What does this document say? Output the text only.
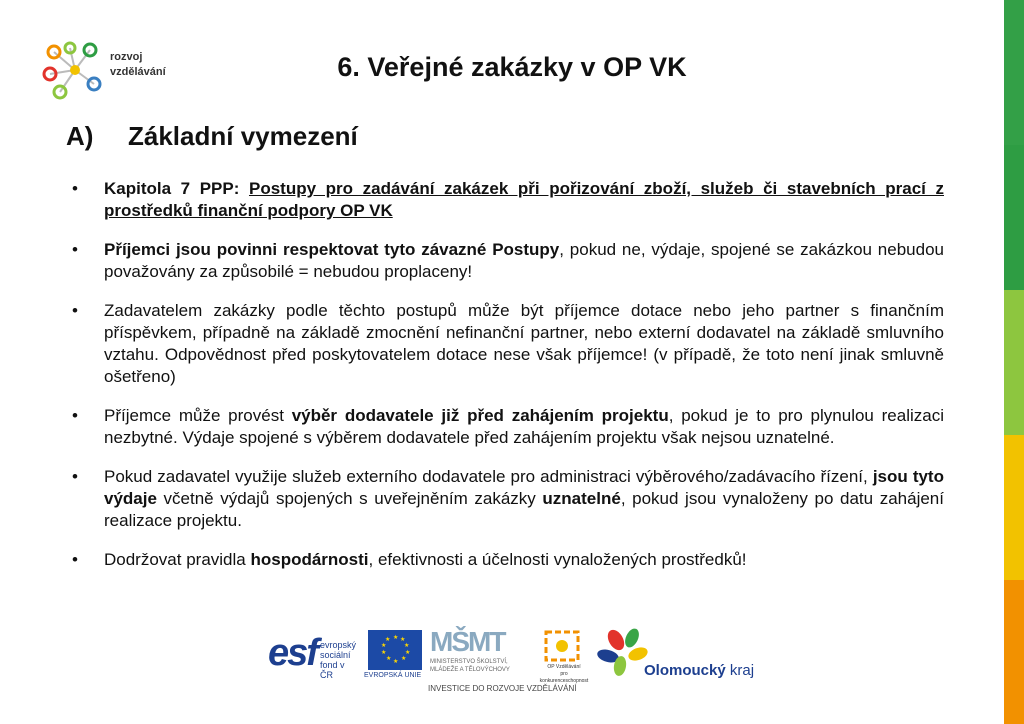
rozvoj
vzdělávání	6. Veřejné zakázky v OP VK
A) Základní vymezení
• Kapitola 7 PPP: Postupy pro zadávání zakázek při pořizování zboží, služeb či stavebních prací z prostředků finanční podpory OP VK
• Příjemci jsou povinni respektovat tyto závazné Postupy, pokud ne, výdaje, spojené se zakázkou nebudou považovány za způsobilé = nebudou proplaceny!
• Zadavatelem zakázky podle těchto postupů může být příjemce dotace nebo jeho partner s finančním příspěvkem, případně na základě zmocnění nefinanční partner, nebo externí dodavatel na základě smluvního vztahu. Odpovědnost před poskytovatelem dotace nese však příjemce! (v případě, že toto není jinak smluvně ošetřeno)
• Příjemce může provést výběr dodavatele již před zahájením projektu, pokud je to pro plynulou realizaci nezbytné. Výdaje spojené s výběrem dodavatele před zahájením projektu však nejsou uznatelné.
• Pokud zadavatel využije služeb externího dodavatele pro administraci výběrového/zadávacího řízení, jsou tyto výdaje včetně výdajů spojených s uveřejněním zakázky uznatelné, pokud jsou vynaloženy po datu zahájení realizace projektu.
• Dodržovat pravidla hospodárnosti, efektivnosti a účelnosti vynaložených prostředků!
esf evropský
sociální
fond v ČR
★ ★
★
★
★
★
★
★
★
★
EVROPSKÁ UNIE
MŠMT
MINISTERSTVO ŠKOLSTVÍ,
MLÁDEŽE A TĚLOVÝCHOVY	OP Vzdělávání
pro konkurenceschopnost
Olomoucký kraj
INVESTICE DO ROZVOJE VZDĚLÁVÁNÍ
